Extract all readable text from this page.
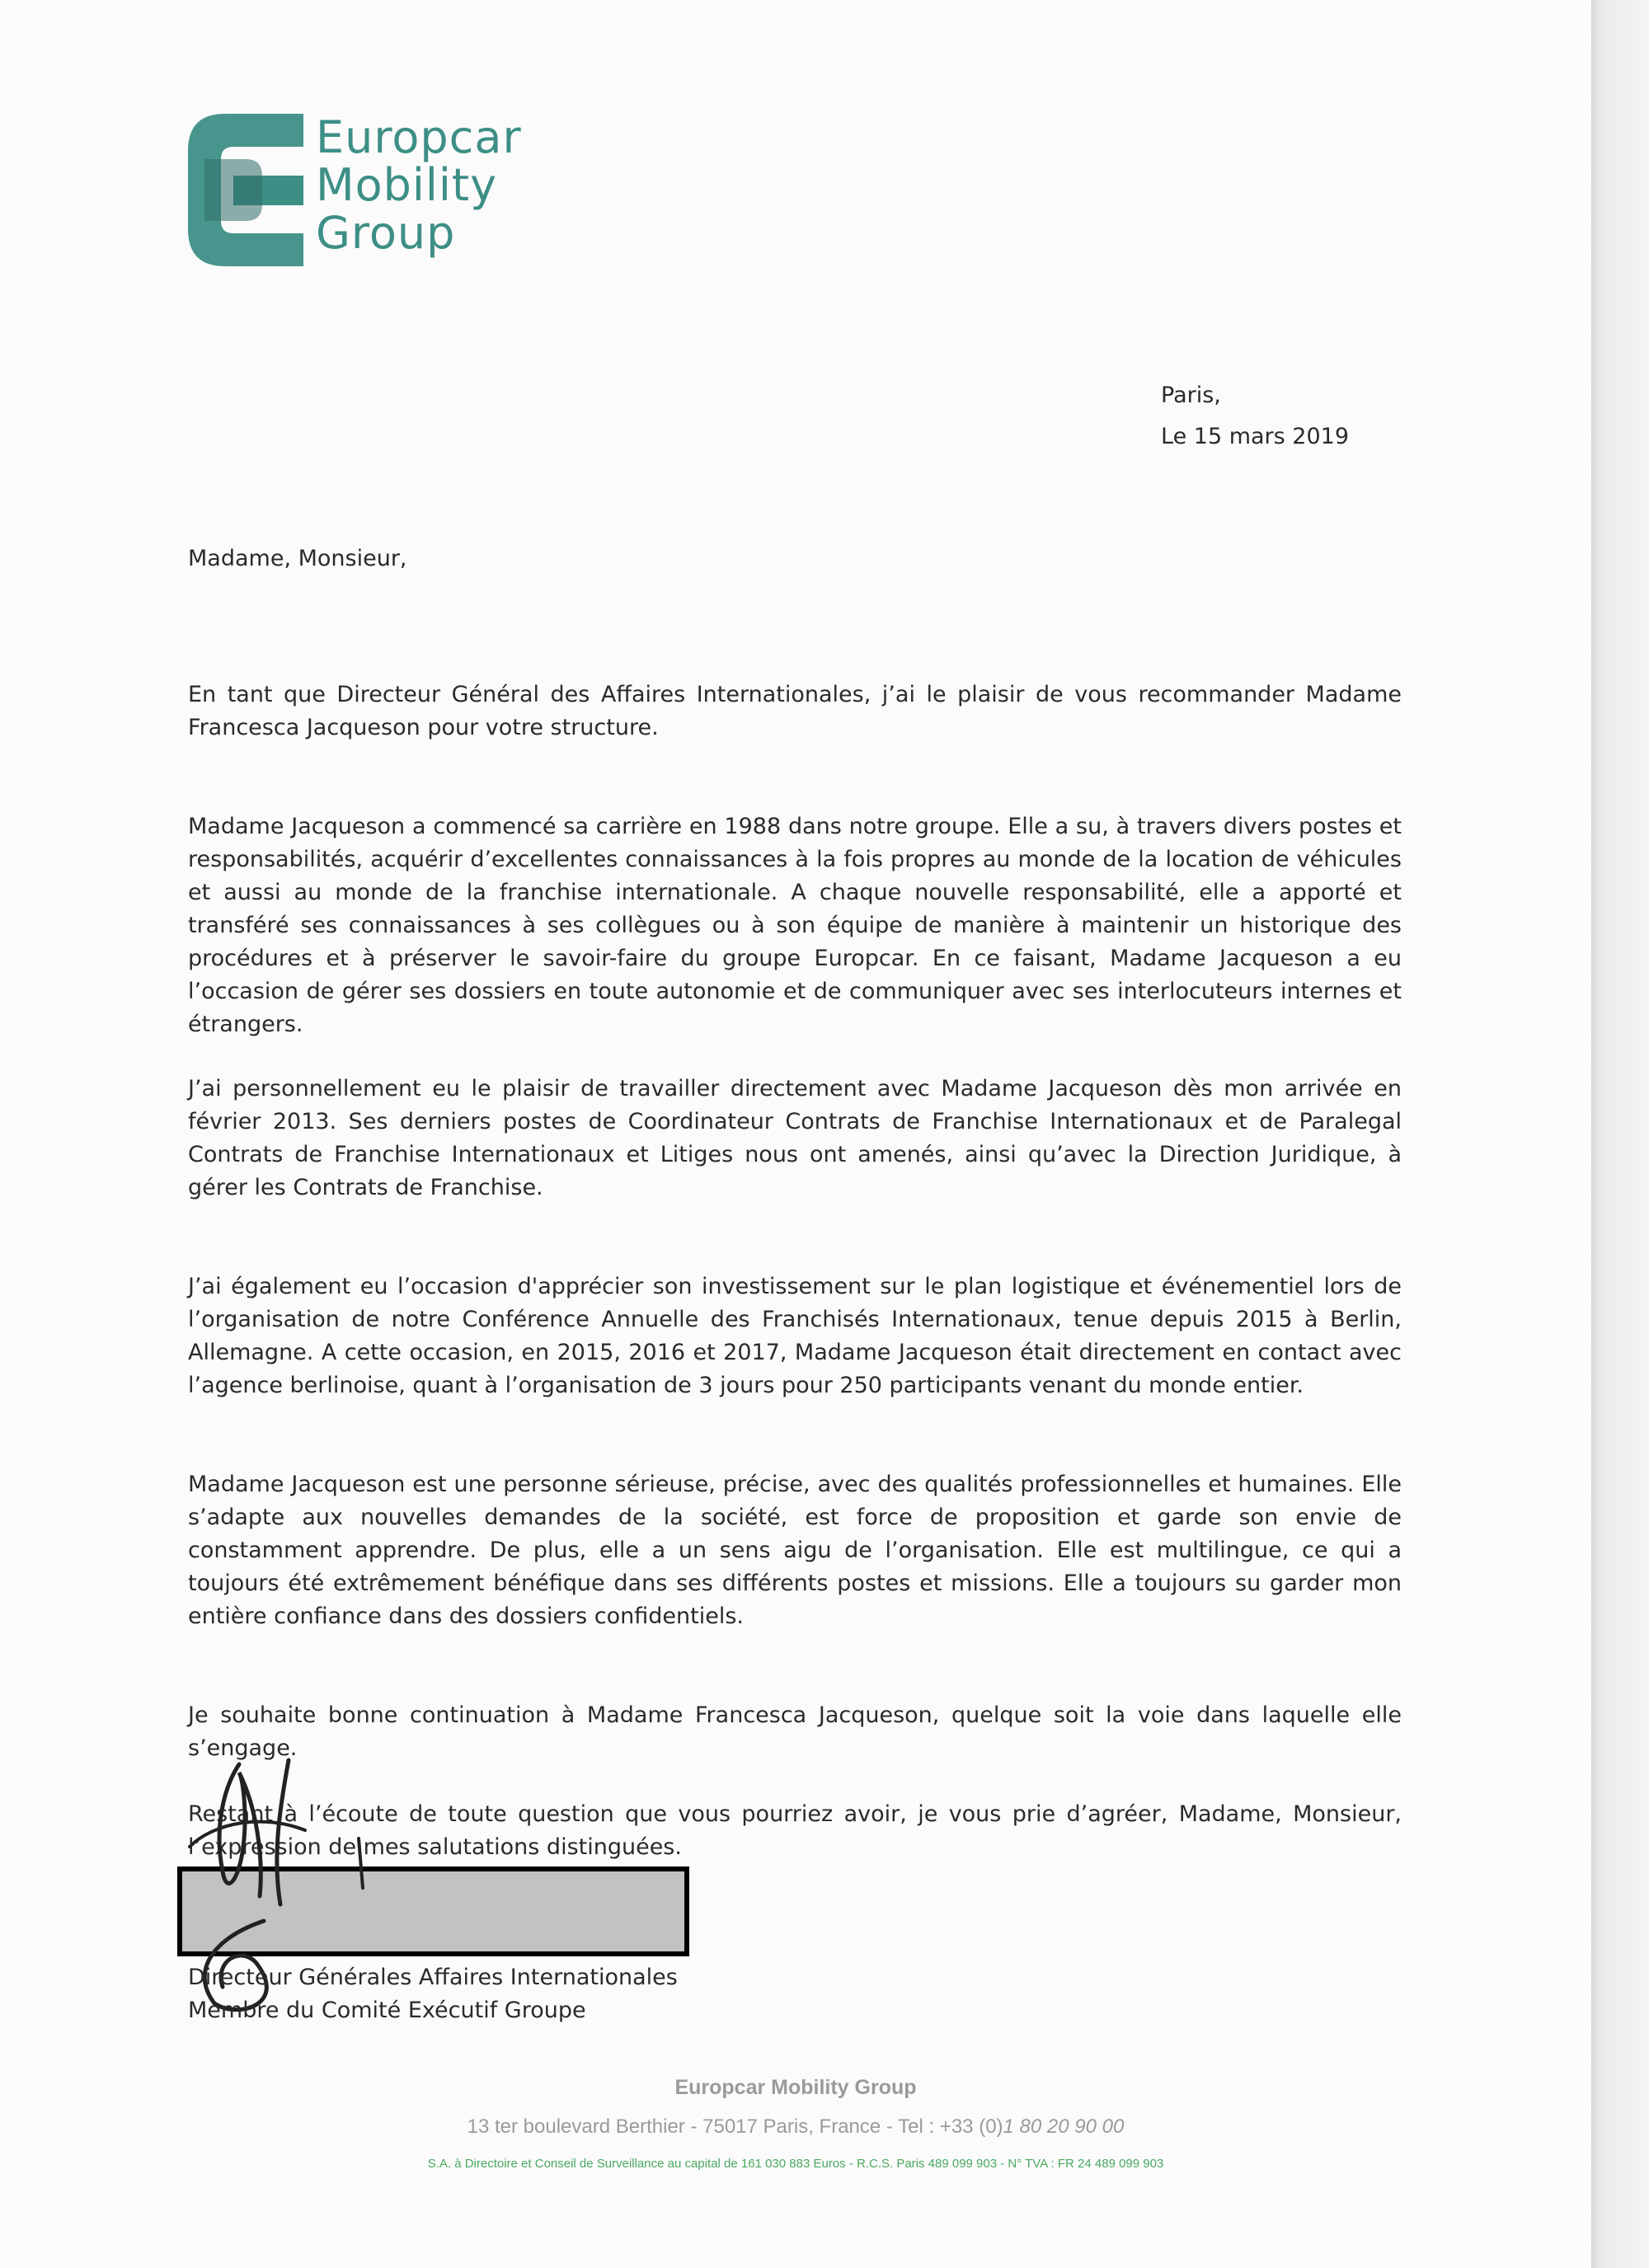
Europcar
Mobility
Group
Paris,
Le 15 mars 2019
Madame, Monsieur,

En tant que Directeur Général des Affaires Internationales, j’ai le plaisir de vous recommander Madame Francesca Jacqueson pour votre structure.

Madame Jacqueson a commencé sa carrière en 1988 dans notre groupe. Elle a su, à travers divers postes et responsabilités, acquérir d’excellentes connaissances à la fois propres au monde de la location de véhicules et aussi au monde de la franchise internationale. A chaque nouvelle responsabilité, elle a apporté et transféré ses connaissances à ses collègues ou à son équipe de manière à maintenir un historique des procédures et à préserver le savoir-faire du groupe Europcar. En ce faisant, Madame Jacqueson a eu l’occasion de gérer ses dossiers en toute autonomie et de communiquer avec ses interlocuteurs internes et étrangers.

J’ai personnellement eu le plaisir de travailler directement avec Madame Jacqueson dès mon arrivée en février 2013. Ses derniers postes de Coordinateur Contrats de Franchise Internationaux et de Paralegal Contrats de Franchise Internationaux et Litiges nous ont amenés, ainsi qu’avec la Direction Juridique, à gérer les Contrats de Franchise.

J’ai également eu l’occasion d'apprécier son investissement sur le plan logistique et événementiel lors de l’organisation de notre Conférence Annuelle des Franchisés Internationaux, tenue depuis 2015 à Berlin, Allemagne. A cette occasion, en 2015, 2016 et 2017, Madame Jacqueson était directement en contact avec l’agence berlinoise, quant à l’organisation de 3 jours pour 250 participants venant du monde entier.

Madame Jacqueson est une personne sérieuse, précise, avec des qualités professionnelles et humaines. Elle s’adapte aux nouvelles demandes de la société, est force de proposition et garde son envie de constamment apprendre. De plus, elle a un sens aigu de l’organisation. Elle est multilingue, ce qui a toujours été extrêmement bénéfique dans ses différents postes et missions. Elle a toujours su garder mon entière confiance dans des dossiers confidentiels.

Je souhaite bonne continuation à Madame Francesca Jacqueson, quelque soit la voie dans laquelle elle s’engage.

Restant à l’écoute de toute question que vous pourriez avoir, je vous prie d’agréer, Madame, Monsieur, l’expression de mes salutations distinguées.

Directeur Générales Affaires Internationales
Membre du Comité Exécutif Groupe
Europcar Mobility Group
13 ter boulevard Berthier - 75017 Paris, France - Tel : +33 (0)1 80 20 90 00
S.A. à Directoire et Conseil de Surveillance au capital de 161 030 883 Euros - R.C.S. Paris 489 099 903 - N° TVA : FR 24 489 099 903
